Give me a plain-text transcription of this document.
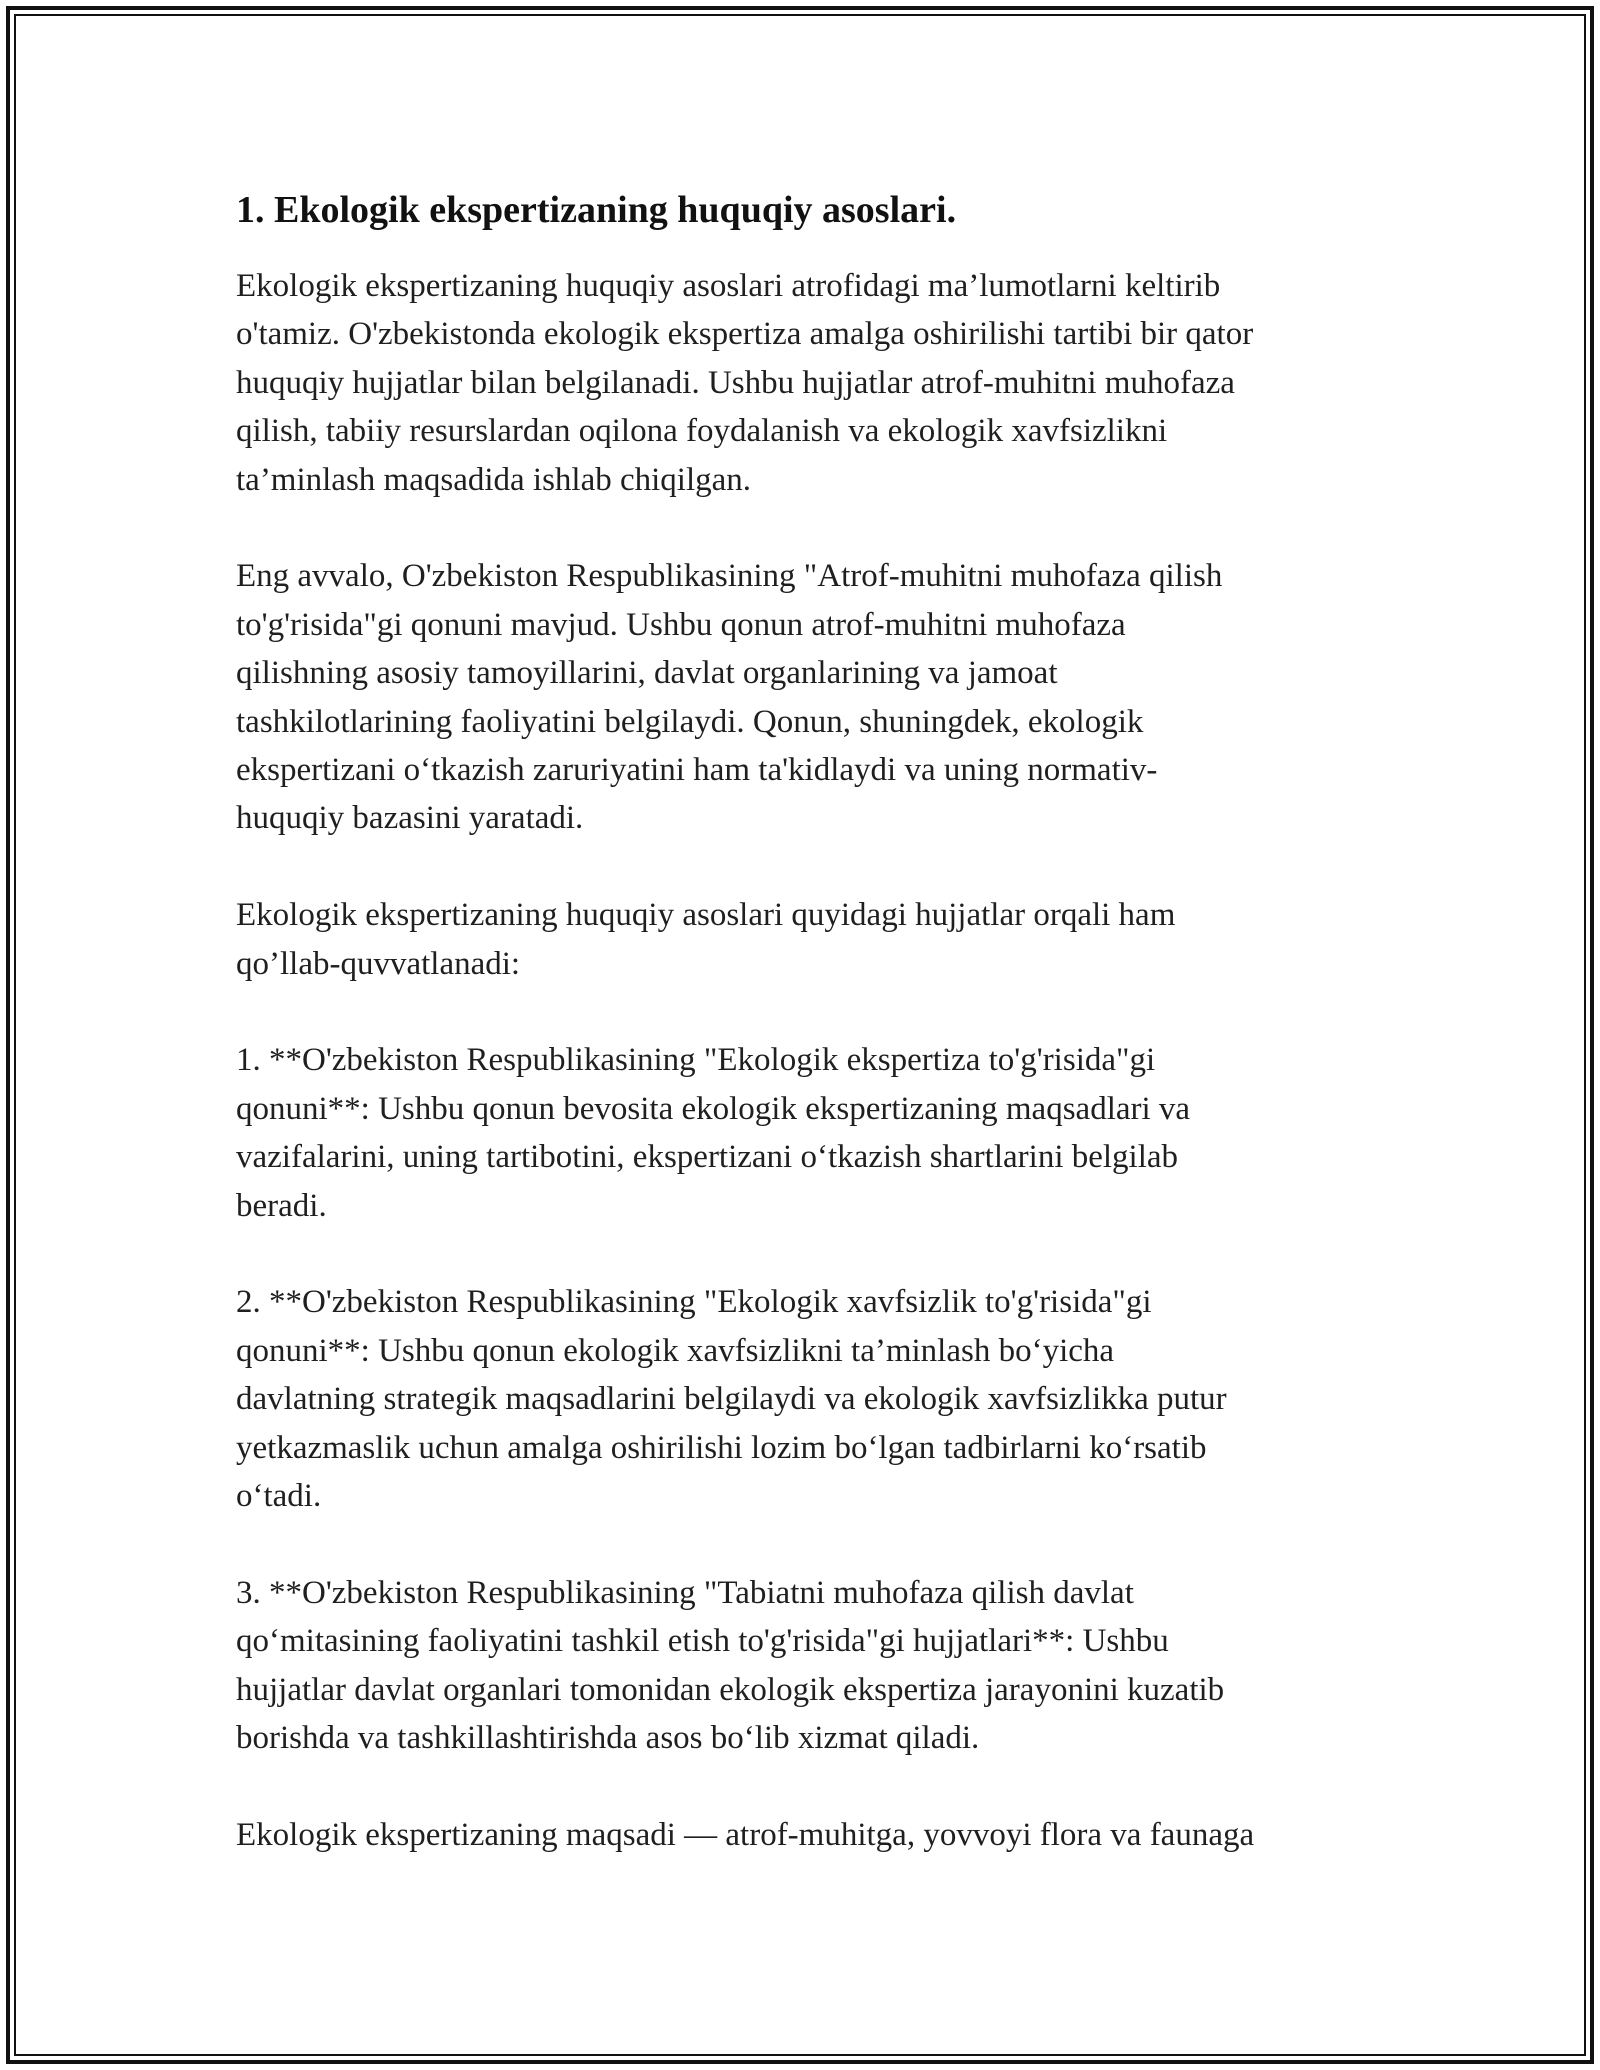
1. Ekologik ekspertizaning huquqiy asoslari.

Ekologik ekspertizaning huquqiy asoslari atrofidagi ma’lumotlarni keltirib
o'tamiz. O'zbekistonda ekologik ekspertiza amalga oshirilishi tartibi bir qator
huquqiy hujjatlar bilan belgilanadi. Ushbu hujjatlar atrof-muhitni muhofaza
qilish, tabiiy resurslardan oqilona foydalanish va ekologik xavfsizlikni
ta’minlash maqsadida ishlab chiqilgan.

Eng avvalo, O'zbekiston Respublikasining "Atrof-muhitni muhofaza qilish
to'g'risida"gi qonuni mavjud. Ushbu qonun atrof-muhitni muhofaza
qilishning asosiy tamoyillarini, davlat organlarining va jamoat
tashkilotlarining faoliyatini belgilaydi. Qonun, shuningdek, ekologik
ekspertizani o‘tkazish zaruriyatini ham ta'kidlaydi va uning normativ-
huquqiy bazasini yaratadi.

Ekologik ekspertizaning huquqiy asoslari quyidagi hujjatlar orqali ham
qo’llab-quvvatlanadi:

1. **O'zbekiston Respublikasining "Ekologik ekspertiza to'g'risida"gi
qonuni**: Ushbu qonun bevosita ekologik ekspertizaning maqsadlari va
vazifalarini, uning tartibotini, ekspertizani o‘tkazish shartlarini belgilab
beradi.

2. **O'zbekiston Respublikasining "Ekologik xavfsizlik to'g'risida"gi
qonuni**: Ushbu qonun ekologik xavfsizlikni ta’minlash bo‘yicha
davlatning strategik maqsadlarini belgilaydi va ekologik xavfsizlikka putur
yetkazmaslik uchun amalga oshirilishi lozim bo‘lgan tadbirlarni ko‘rsatib
o‘tadi.

3. **O'zbekiston Respublikasining "Tabiatni muhofaza qilish davlat
qo‘mitasining faoliyatini tashkil etish to'g'risida"gi hujjatlari**: Ushbu
hujjatlar davlat organlari tomonidan ekologik ekspertiza jarayonini kuzatib
borishda va tashkillashtirishda asos bo‘lib xizmat qiladi.

Ekologik ekspertizaning maqsadi — atrof-muhitga, yovvoyi flora va faunaga
